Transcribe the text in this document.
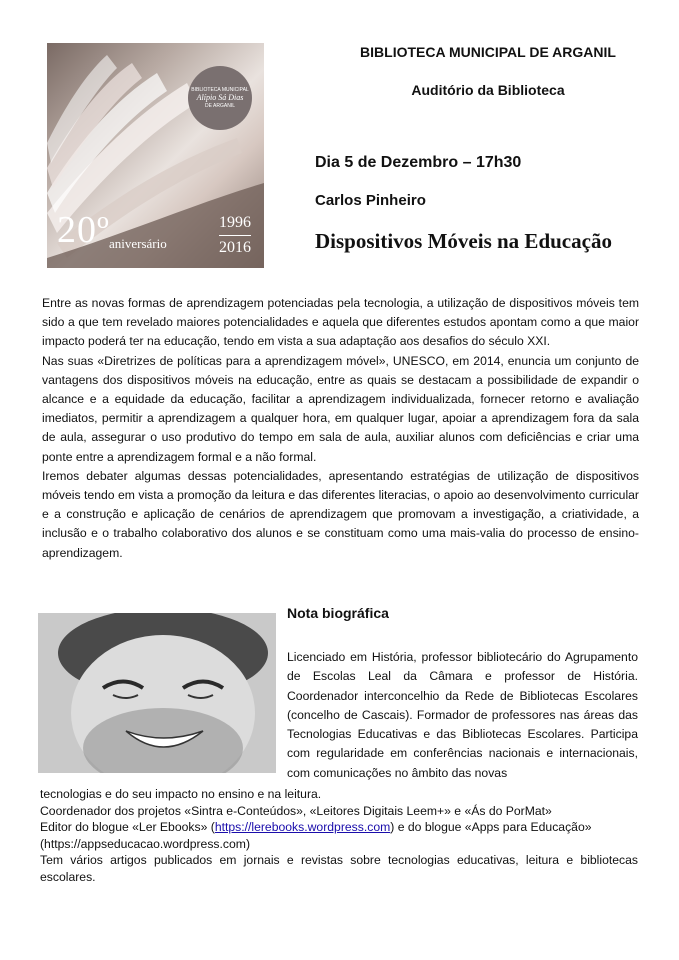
BIBLIOTECA MUNICIPAL
Alípio Sá Dias
DE ARGANIL
20º aniversário
1996
2016
BIBLIOTECA MUNICIPAL DE ARGANIL
Auditório da Biblioteca
Dia 5 de Dezembro – 17h30
Carlos Pinheiro
Dispositivos Móveis na Educação

Entre as novas formas de aprendizagem potenciadas pela tecnologia, a utilização de dispositivos móveis tem sido a que tem revelado maiores potencialidades e aquela que diferentes estudos apontam como a que maior impacto poderá ter na educação, tendo em vista a sua adaptação aos desafios do século XXI.

Nas suas «Diretrizes de políticas para a aprendizagem móvel», UNESCO, em 2014, enuncia um conjunto de vantagens dos dispositivos móveis na educação, entre as quais se destacam a possibilidade de expandir o alcance e a equidade da educação, facilitar a aprendizagem individualizada, fornecer retorno e avaliação imediatos, permitir a aprendizagem a qualquer hora, em qualquer lugar, apoiar a aprendizagem fora da sala de aula, assegurar o uso produtivo do tempo em sala de aula, auxiliar alunos com deficiências e criar uma ponte entre a aprendizagem formal e a não formal.

Iremos debater algumas dessas potencialidades, apresentando estratégias de utilização de dispositivos móveis tendo em vista a promoção da leitura e das diferentes literacias, o apoio ao desenvolvimento curricular e a construção e aplicação de cenários de aprendizagem que promovam a investigação, a criatividade, a inclusão e o trabalho colaborativo dos alunos e se constituam como uma mais-valia do processo de ensino-aprendizagem.

Nota biográfica
Licenciado em História, professor bibliotecário do Agrupamento de Escolas Leal da Câmara e professor de História. Coordenador interconcelhio da Rede de Bibliotecas Escolares (concelho de Cascais). Formador de professores nas áreas das Tecnologias Educativas e das Bibliotecas Escolares. Participa com regularidade em conferências nacionais e internacionais, com comunicações no âmbito das novas

tecnologias e do seu impacto no ensino e na leitura.

Coordenador dos projetos «Sintra e-Conteúdos», «Leitores Digitais Leem+» e «Ás do PorMat»

Editor do blogue «Ler Ebooks» (https://lerebooks.wordpress.com) e do blogue «Apps para Educação»
(https://appseducacao.wordpress.com)

Tem vários artigos publicados em jornais e revistas sobre tecnologias educativas, leitura e bibliotecas escolares.
